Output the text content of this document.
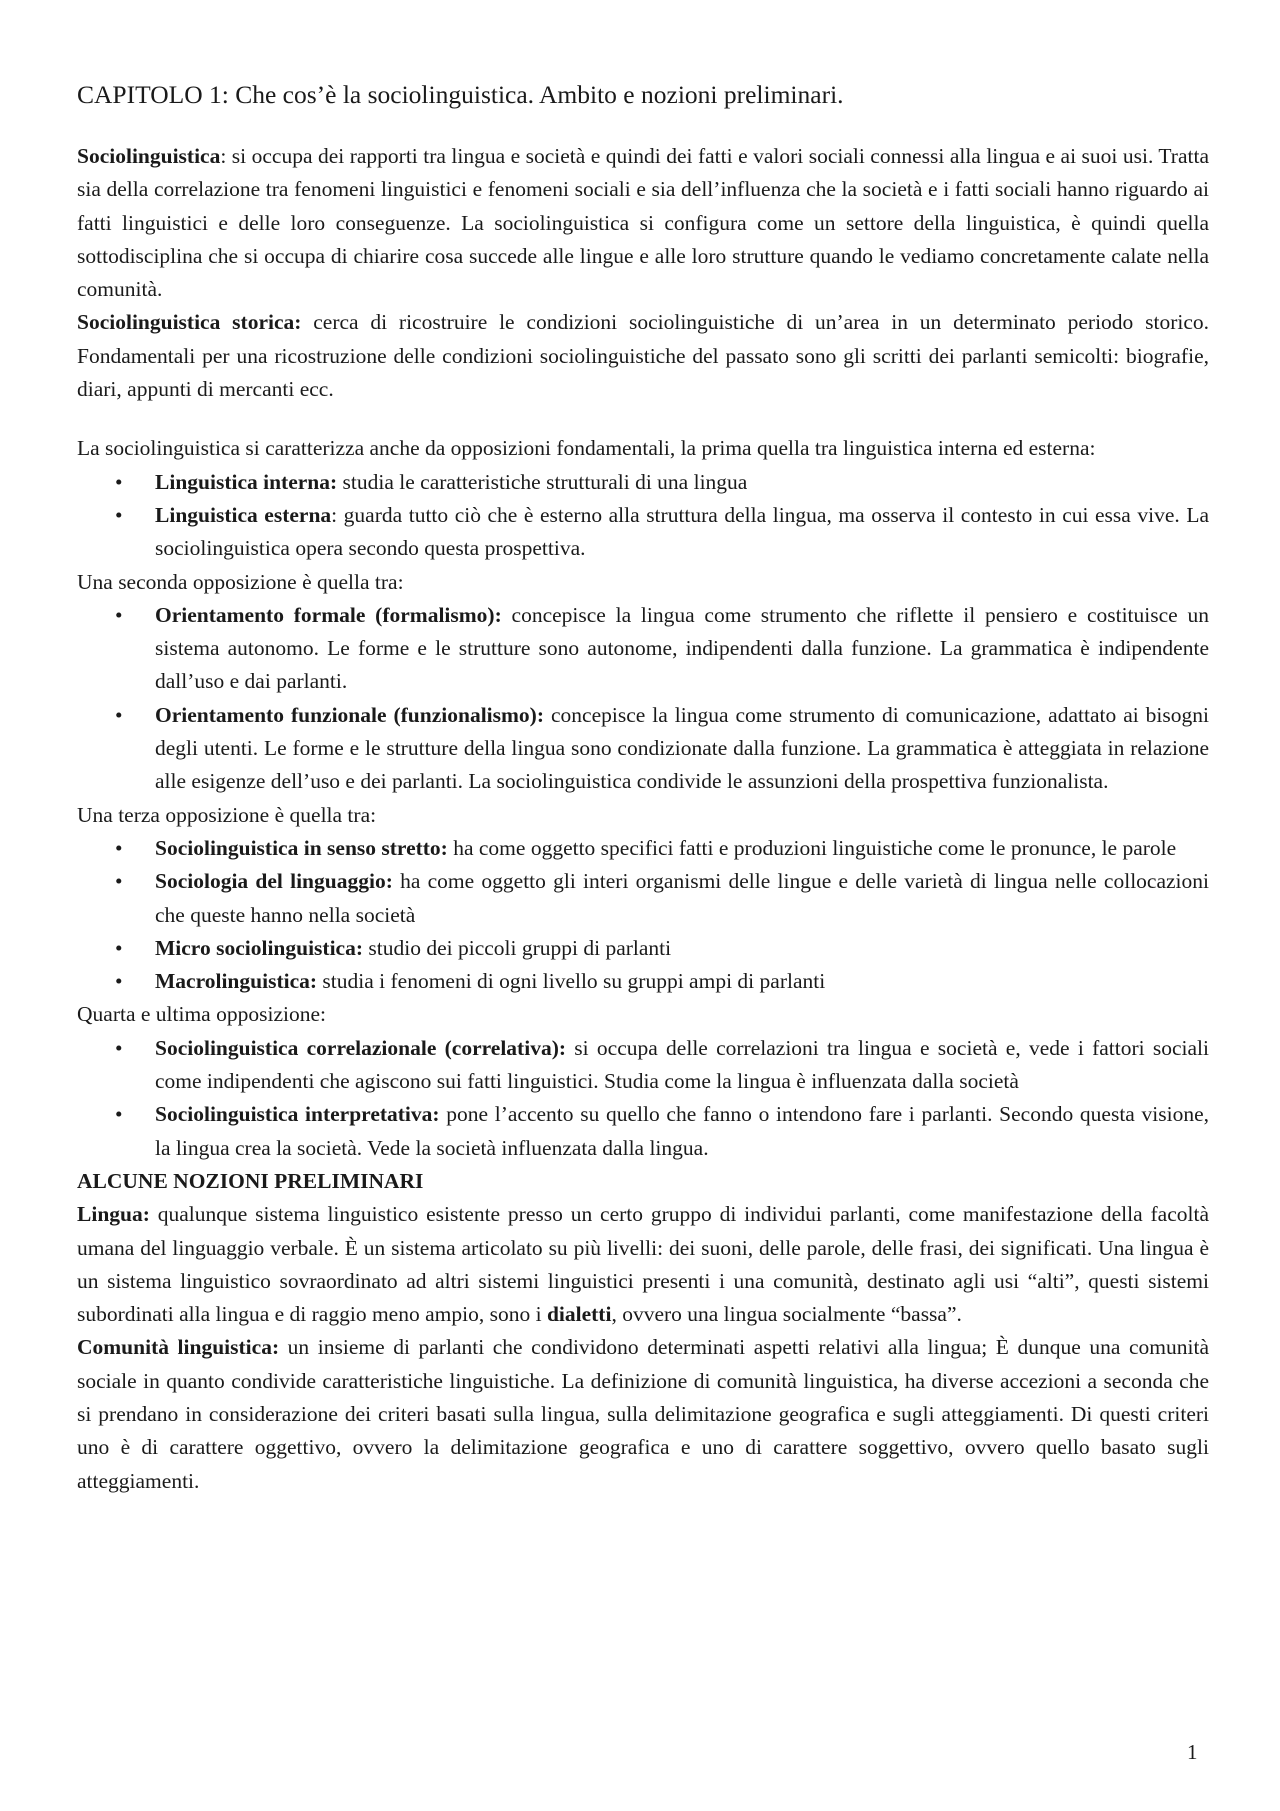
CAPITOLO 1: Che cos’è la sociolinguistica. Ambito e nozioni preliminari.

Sociolinguistica: si occupa dei rapporti tra lingua e società e quindi dei fatti e valori sociali connessi alla lingua e ai suoi usi. Tratta sia della correlazione tra fenomeni linguistici e fenomeni sociali e sia dell’influenza che la società e i fatti sociali hanno riguardo ai fatti linguistici e delle loro conseguenze. La sociolinguistica si configura come un settore della linguistica, è quindi quella sottodisciplina che si occupa di chiarire cosa succede alle lingue e alle loro strutture quando le vediamo concretamente calate nella comunità.

Sociolinguistica storica: cerca di ricostruire le condizioni sociolinguistiche di un’area in un determinato periodo storico. Fondamentali per una ricostruzione delle condizioni sociolinguistiche del passato sono gli scritti dei parlanti semicolti: biografie, diari, appunti di mercanti ecc.

La sociolinguistica si caratterizza anche da opposizioni fondamentali, la prima quella tra linguistica interna ed esterna:

• Linguistica interna: studia le caratteristiche strutturali di una lingua
• Linguistica esterna: guarda tutto ciò che è esterno alla struttura della lingua, ma osserva il contesto in cui essa vive. La sociolinguistica opera secondo questa prospettiva.

Una seconda opposizione è quella tra:

• Orientamento formale (formalismo): concepisce la lingua come strumento che riflette il pensiero e costituisce un sistema autonomo. Le forme e le strutture sono autonome, indipendenti dalla funzione. La grammatica è indipendente dall’uso e dai parlanti.
• Orientamento funzionale (funzionalismo): concepisce la lingua come strumento di comunicazione, adattato ai bisogni degli utenti. Le forme e le strutture della lingua sono condizionate dalla funzione. La grammatica è atteggiata in relazione alle esigenze dell’uso e dei parlanti. La sociolinguistica condivide le assunzioni della prospettiva funzionalista.

Una terza opposizione è quella tra:

• Sociolinguistica in senso stretto: ha come oggetto specifici fatti e produzioni linguistiche come le pronunce, le parole
• Sociologia del linguaggio: ha come oggetto gli interi organismi delle lingue e delle varietà di lingua nelle collocazioni che queste hanno nella società
• Micro sociolinguistica: studio dei piccoli gruppi di parlanti
• Macrolinguistica: studia i fenomeni di ogni livello su gruppi ampi di parlanti

Quarta e ultima opposizione:

• Sociolinguistica correlazionale (correlativa): si occupa delle correlazioni tra lingua e società e, vede i fattori sociali come indipendenti che agiscono sui fatti linguistici. Studia come la lingua è influenzata dalla società
• Sociolinguistica interpretativa: pone l’accento su quello che fanno o intendono fare i parlanti. Secondo questa visione, la lingua crea la società. Vede la società influenzata dalla lingua.

ALCUNE NOZIONI PRELIMINARI

Lingua: qualunque sistema linguistico esistente presso un certo gruppo di individui parlanti, come manifestazione della facoltà umana del linguaggio verbale. È un sistema articolato su più livelli: dei suoni, delle parole, delle frasi, dei significati. Una lingua è un sistema linguistico sovraordinato ad altri sistemi linguistici presenti i una comunità, destinato agli usi “alti”, questi sistemi subordinati alla lingua e di raggio meno ampio, sono i dialetti, ovvero una lingua socialmente “bassa”.

Comunità linguistica: un insieme di parlanti che condividono determinati aspetti relativi alla lingua; È dunque una comunità sociale in quanto condivide caratteristiche linguistiche. La definizione di comunità linguistica, ha diverse accezioni a seconda che si prendano in considerazione dei criteri basati sulla lingua, sulla delimitazione geografica e sugli atteggiamenti. Di questi criteri uno è di carattere oggettivo, ovvero la delimitazione geografica e uno di carattere soggettivo, ovvero quello basato sugli atteggiamenti.

1
